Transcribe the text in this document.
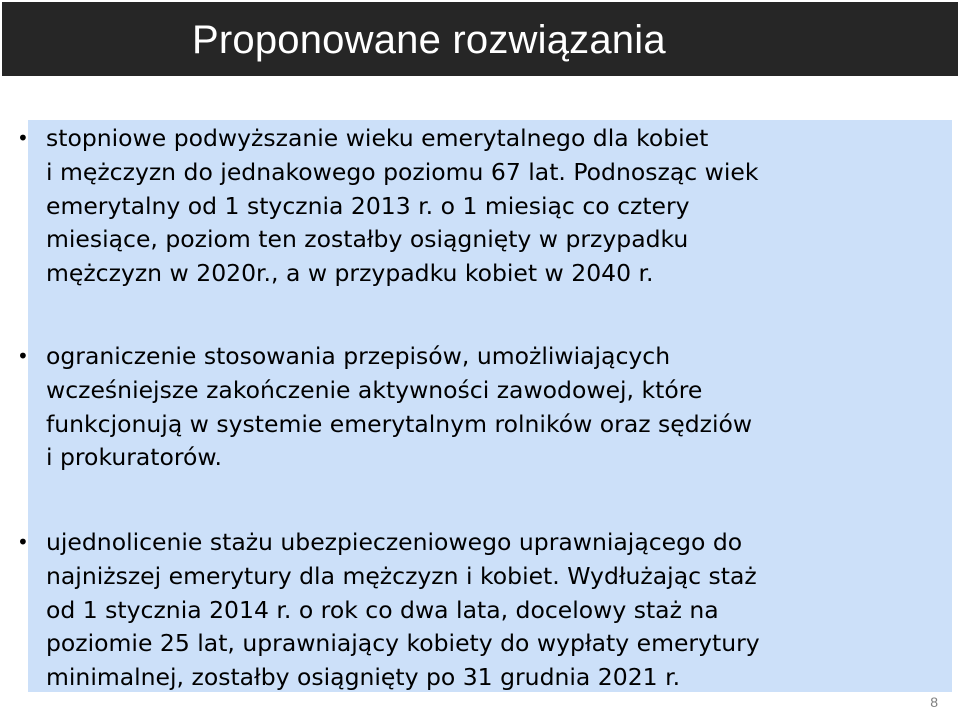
Proponowane rozwiązania
• stopniowe podwyższanie wieku emerytalnego dla kobiet
i mężczyzn do jednakowego poziomu 67 lat. Podnosząc wiek
emerytalny od 1 stycznia 2013 r. o 1 miesiąc co cztery
miesiące, poziom ten zostałby osiągnięty w przypadku
mężczyzn w 2020r., a w przypadku kobiet w 2040 r.

• ograniczenie stosowania przepisów, umożliwiających
wcześniejsze zakończenie aktywności zawodowej, które
funkcjonują w systemie emerytalnym rolników oraz sędziów
i prokuratorów.

• ujednolicenie stażu ubezpieczeniowego uprawniającego do
najniższej emerytury dla mężczyzn i kobiet. Wydłużając staż
od 1 stycznia 2014 r. o rok co dwa lata, docelowy staż na
poziomie 25 lat, uprawniający kobiety do wypłaty emerytury
minimalnej, zostałby osiągnięty po 31 grudnia 2021 r.

8
